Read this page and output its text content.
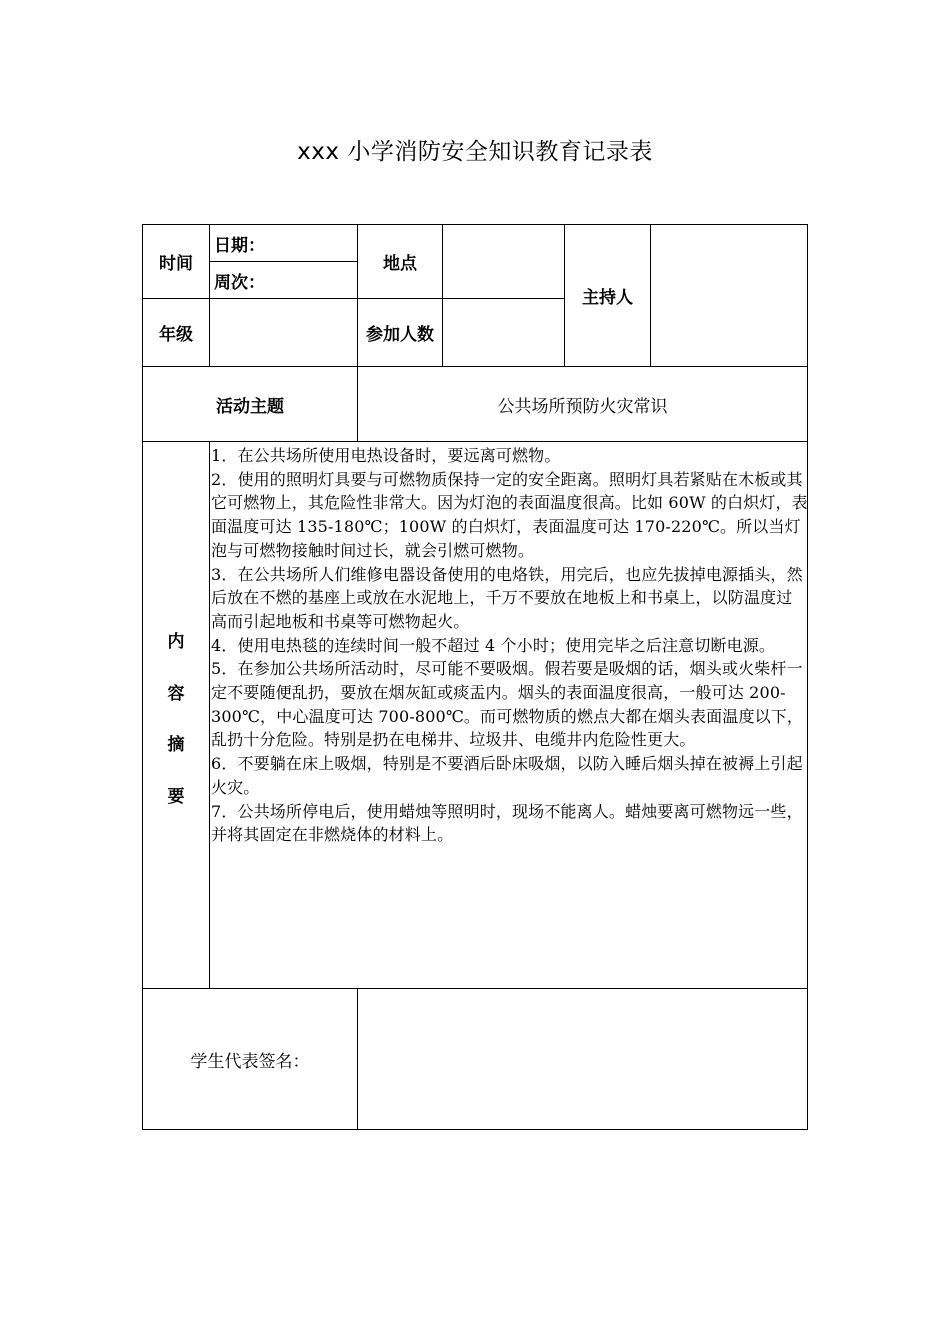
xxx 小学消防安全知识教育记录表
时间
日期：
周次：
地点
主持人
年级	参加人数
活动主题	公共场所预防火灾常识
内
容
摘
要

1．在公共场所使用电热设备时，要远离可燃物。

2．使用的照明灯具要与可燃物质保持一定的安全距离。照明灯具若紧贴在木板或其它可燃物上，其危险性非常大。因为灯泡的表面温度很高。比如 60W 的白炽灯，表面温度可达 135-180℃；100W 的白炽灯，表面温度可达 170-220℃。所以当灯泡与可燃物接触时间过长，就会引燃可燃物。

3．在公共场所人们维修电器设备使用的电烙铁，用完后，也应先拔掉电源插头，然后放在不燃的基座上或放在水泥地上，千万不要放在地板上和书桌上，以防温度过高而引起地板和书桌等可燃物起火。

4．使用电热毯的连续时间一般不超过 4 个小时；使用完毕之后注意切断电源。

5．在参加公共场所活动时，尽可能不要吸烟。假若要是吸烟的话，烟头或火柴杆一定不要随便乱扔，要放在烟灰缸或痰盂内。烟头的表面温度很高，一般可达 200-300℃，中心温度可达 700-800℃。而可燃物质的燃点大都在烟头表面温度以下，乱扔十分危险。特别是扔在电梯井、垃圾井、电缆井内危险性更大。

6．不要躺在床上吸烟，特别是不要酒后卧床吸烟，以防入睡后烟头掉在被褥上引起火灾。

7．公共场所停电后，使用蜡烛等照明时，现场不能离人。蜡烛要离可燃物远一些，并将其固定在非燃烧体的材料上。

学生代表签名：
